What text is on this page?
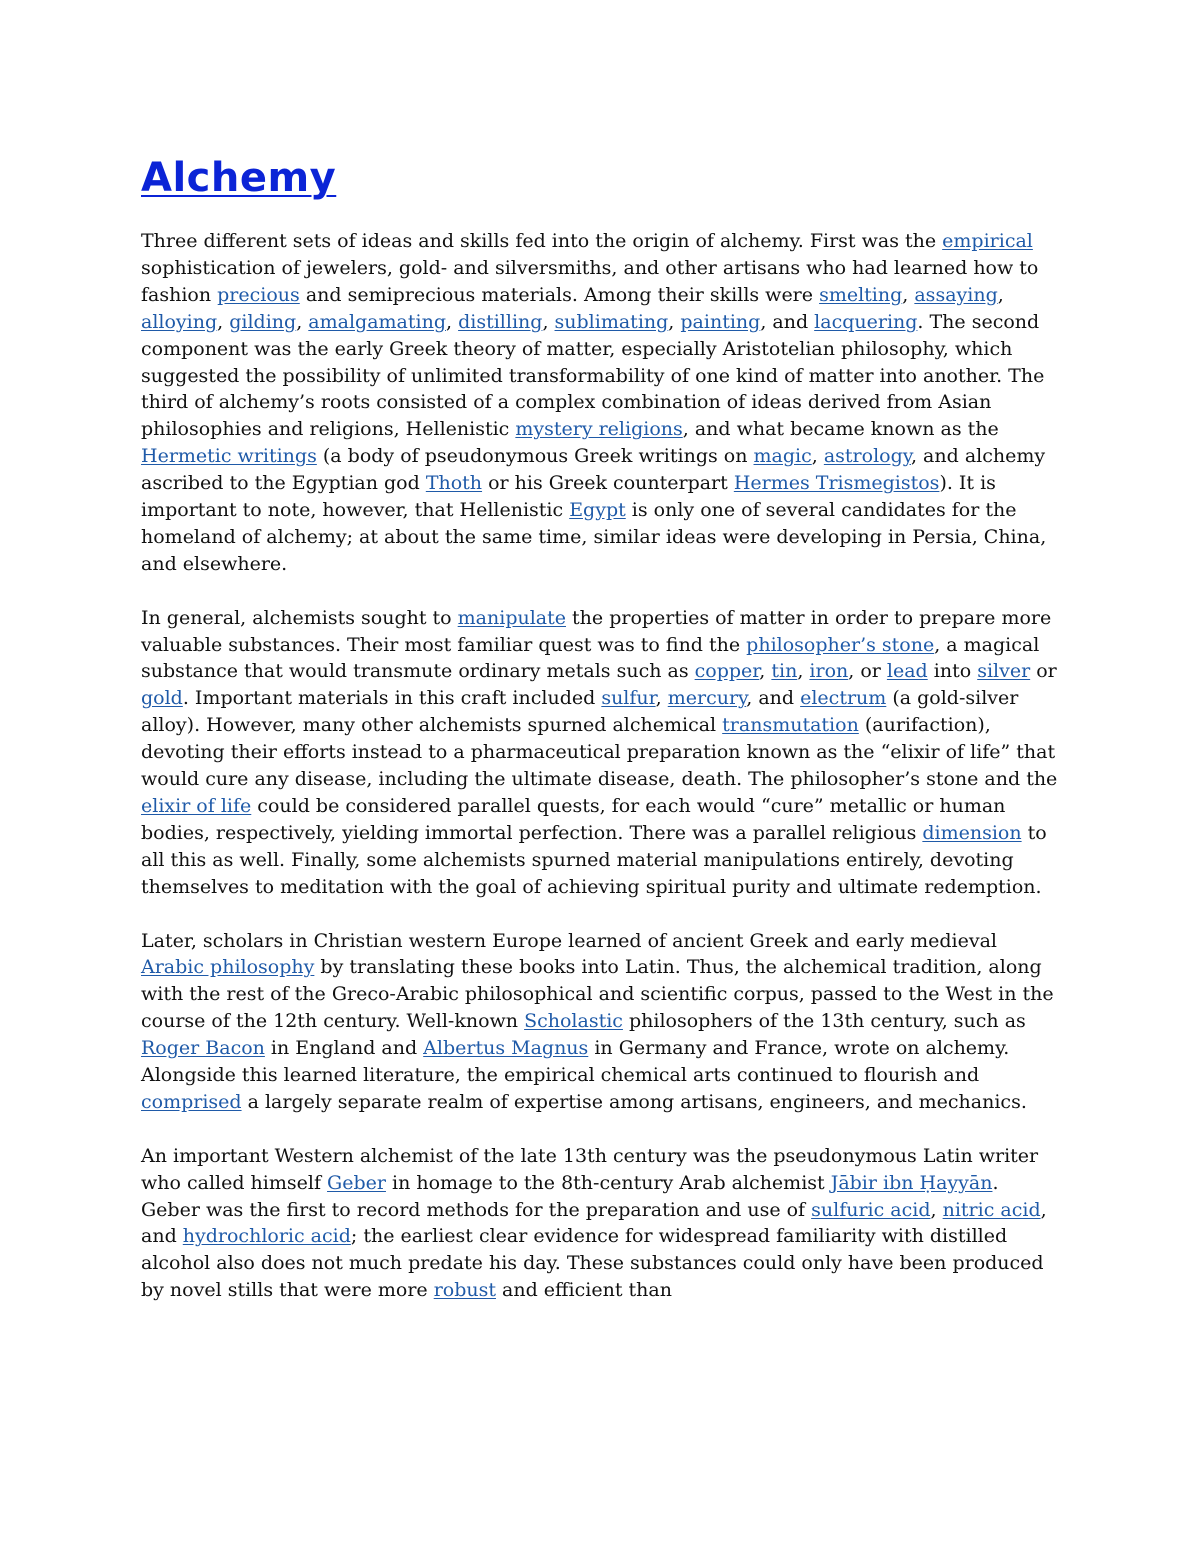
Alchemy

Three different sets of ideas and skills fed into the origin of alchemy. First was the empirical sophistication of jewelers, gold- and silversmiths, and other artisans who had learned how to fashion precious and semiprecious materials. Among their skills were smelting, assaying, alloying, gilding, amalgamating, distilling, sublimating, painting, and lacquering. The second component was the early Greek theory of matter, especially Aristotelian philosophy, which suggested the possibility of unlimited transformability of one kind of matter into another. The third of alchemy’s roots consisted of a complex combination of ideas derived from Asian philosophies and religions, Hellenistic mystery religions, and what became known as the Hermetic writings (a body of pseudonymous Greek writings on magic, astrology, and alchemy ascribed to the Egyptian god Thoth or his Greek counterpart Hermes Trismegistos). It is important to note, however, that Hellenistic Egypt is only one of several candidates for the homeland of alchemy; at about the same time, similar ideas were developing in Persia, China, and elsewhere.

In general, alchemists sought to manipulate the properties of matter in order to prepare more valuable substances. Their most familiar quest was to find the philosopher’s stone, a magical substance that would transmute ordinary metals such as copper, tin, iron, or lead into silver or gold. Important materials in this craft included sulfur, mercury, and electrum (a gold-silver alloy). However, many other alchemists spurned alchemical transmutation (aurifaction), devoting their efforts instead to a pharmaceutical preparation known as the “elixir of life” that would cure any disease, including the ultimate disease, death. The philosopher’s stone and the elixir of life could be considered parallel quests, for each would “cure” metallic or human bodies, respectively, yielding immortal perfection. There was a parallel religious dimension to all this as well. Finally, some alchemists spurned material manipulations entirely, devoting themselves to meditation with the goal of achieving spiritual purity and ultimate redemption.

Later, scholars in Christian western Europe learned of ancient Greek and early medieval Arabic philosophy by translating these books into Latin. Thus, the alchemical tradition, along with the rest of the Greco-Arabic philosophical and scientific corpus, passed to the West in the course of the 12th century. Well-known Scholastic philosophers of the 13th century, such as Roger Bacon in England and Albertus Magnus in Germany and France, wrote on alchemy. Alongside this learned literature, the empirical chemical arts continued to flourish and comprised a largely separate realm of expertise among artisans, engineers, and mechanics.

An important Western alchemist of the late 13th century was the pseudonymous Latin writer who called himself Geber in homage to the 8th-century Arab alchemist Jābir ibn Ḥayyān. Geber was the first to record methods for the preparation and use of sulfuric acid, nitric acid, and hydrochloric acid; the earliest clear evidence for widespread familiarity with distilled alcohol also does not much predate his day. These substances could only have been produced by novel stills that were more robust and efficient than
